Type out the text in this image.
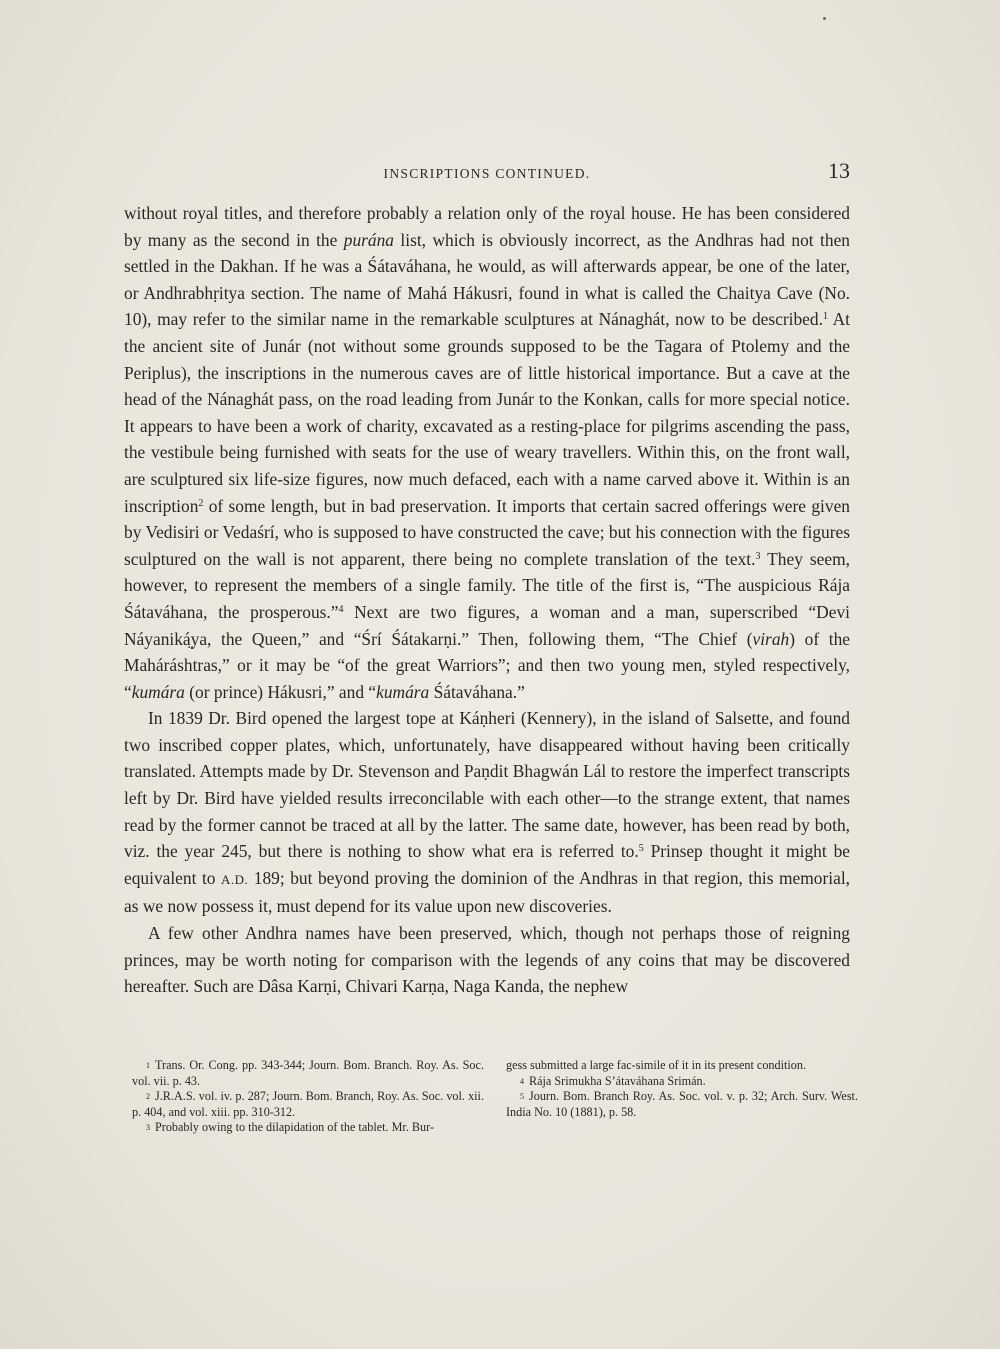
INSCRIPTIONS CONTINUED.	13

without royal titles, and therefore probably a relation only of the royal house. He has been considered by many as the second in the purána list, which is obviously incorrect, as the Andhras had not then settled in the Dakhan. If he was a Śátaváhana, he would, as will afterwards appear, be one of the later, or Andhrabhṛitya section. The name of Mahá Hákusri, found in what is called the Chaitya Cave (No. 10), may refer to the similar name in the remarkable sculptures at Nánaghát, now to be described.$^1$ At the ancient site of Junár (not without some grounds supposed to be the Tagara of Ptolemy and the Periplus), the inscriptions in the numerous caves are of little historical importance. But a cave at the head of the Nánaghát pass, on the road leading from Junár to the Konkan, calls for more special notice. It appears to have been a work of charity, excavated as a resting-place for pilgrims ascending the pass, the vestibule being furnished with seats for the use of weary travellers. Within this, on the front wall, are sculptured six life-size figures, now much defaced, each with a name carved above it. Within is an inscription$^2$ of some length, but in bad preservation. It imports that certain sacred offerings were given by Vedisiri or Vedaśrí, who is supposed to have constructed the cave; but his connection with the figures sculptured on the wall is not apparent, there being no complete translation of the text.$^3$ They seem, however, to represent the members of a single family. The title of the first is, “The auspicious Rája Śátaváhana, the prosperous.”$^4$ Next are two figures, a woman and a man, superscribed “Devi Náyaniká̤ya, the Queen,” and “Śrí Śátakarṇi.” Then, following them, “The Chief (virah) of the Maháráshtras,” or it may be “of the great Warriors”; and then two young men, styled respectively, “kumára (or prince) Hákusri,” and “kumára Śátaváhana.”

In 1839 Dr. Bird opened the largest tope at Káṇheri (Kennery), in the island of Salsette, and found two inscribed copper plates, which, unfortunately, have disappeared without having been critically translated. Attempts made by Dr. Stevenson and Paṇdit Bhagwán Lál to restore the imperfect transcripts left by Dr. Bird have yielded results irreconcilable with each other—to the strange extent, that names read by the former cannot be traced at all by the latter. The same date, however, has been read by both, viz. the year 245, but there is nothing to show what era is referred to.$^5$ Prinsep thought it might be equivalent to A.D. 189; but beyond proving the dominion of the Andhras in that region, this memorial, as we now possess it, must depend for its value upon new discoveries.

A few other Andhra names have been preserved, which, though not perhaps those of reigning princes, may be worth noting for comparison with the legends of any coins that may be discovered hereafter. Such are Dâsa Karṇi, Chivari Karṇa, Naga Kanda, the nephew

1 Trans. Or. Cong. pp. 343-344; Journ. Bom. Branch. Roy. As. Soc. vol. vii. p. 43.

2 J.R.A.S. vol. iv. p. 287; Journ. Bom. Branch, Roy. As. Soc. vol. xii. p. 404, and vol. xiii. pp. 310-312.

3 Probably owing to the dilapidation of the tablet. Mr. Bur-

gess submitted a large fac-simile of it in its present condition.

4 Rája Srimukha S’átaváhana Srimán.

5 Journ. Bom. Branch Roy. As. Soc. vol. v. p. 32; Arch. Surv. West. India No. 10 (1881), p. 58.
